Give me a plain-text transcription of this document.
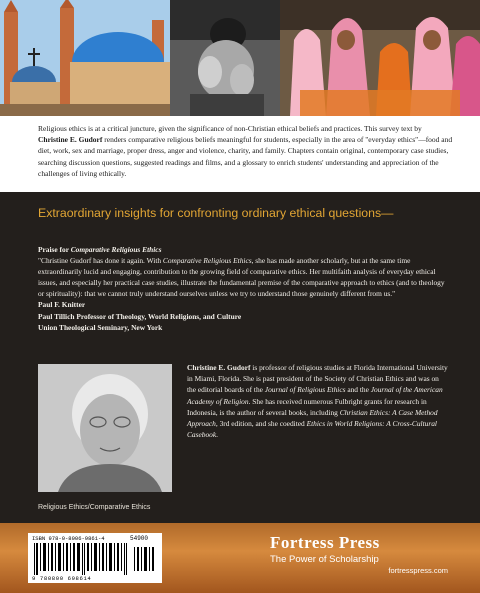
Religious ethics is at a critical juncture, given the significance of non-Christian ethical beliefs and practices. This survey text by Christine E. Gudorf renders comparative religious beliefs meaningful for students, especially in the area of "everyday ethics"—food and diet, work, sex and marriage, proper dress, anger and violence, charity, and family. Chapters contain original, contemporary case studies, searching discussion questions, suggested readings and films, and a glossary to enrich students' understanding and appreciation of the challenges of living ethically.

Extraordinary insights for confronting ordinary ethical questions—
Praise for Comparative Religious Ethics
"Christine Gudorf has done it again. With Comparative Religious Ethics, she has made another scholarly, but at the same time extraordinarily lucid and engaging, contribution to the growing field of comparative ethics. Her multifaith analysis of everyday ethical issues, and especially her practical case studies, illustrate the fundamental premise of the comparative approach to ethics (and to theology or spirituality): that we cannot truly understand ourselves unless we try to understand those genuinely different from us."
Paul F. Knitter
Paul Tillich Professor of Theology, World Religions, and Culture
Union Theological Seminary, New York
Christine E. Gudorf is professor of religious studies at Florida International University in Miami, Florida. She is past president of the Society of Christian Ethics and was on the editorial boards of the Journal of Religious Ethics and the Journal of the American Academy of Religion. She has received numerous Fulbright grants for research in Indonesia, is the author of several books, including Christian Ethics: A Case Method Approach, 3rd edition, and she coedited Ethics in World Religions: A Cross-Cultural Casebook.
Religious Ethics/Comparative Ethics
ISBN 978-0-8006-9861-4	54900
9 780800 698614
Fortress Press
The Power of Scholarship
fortresspress.com
